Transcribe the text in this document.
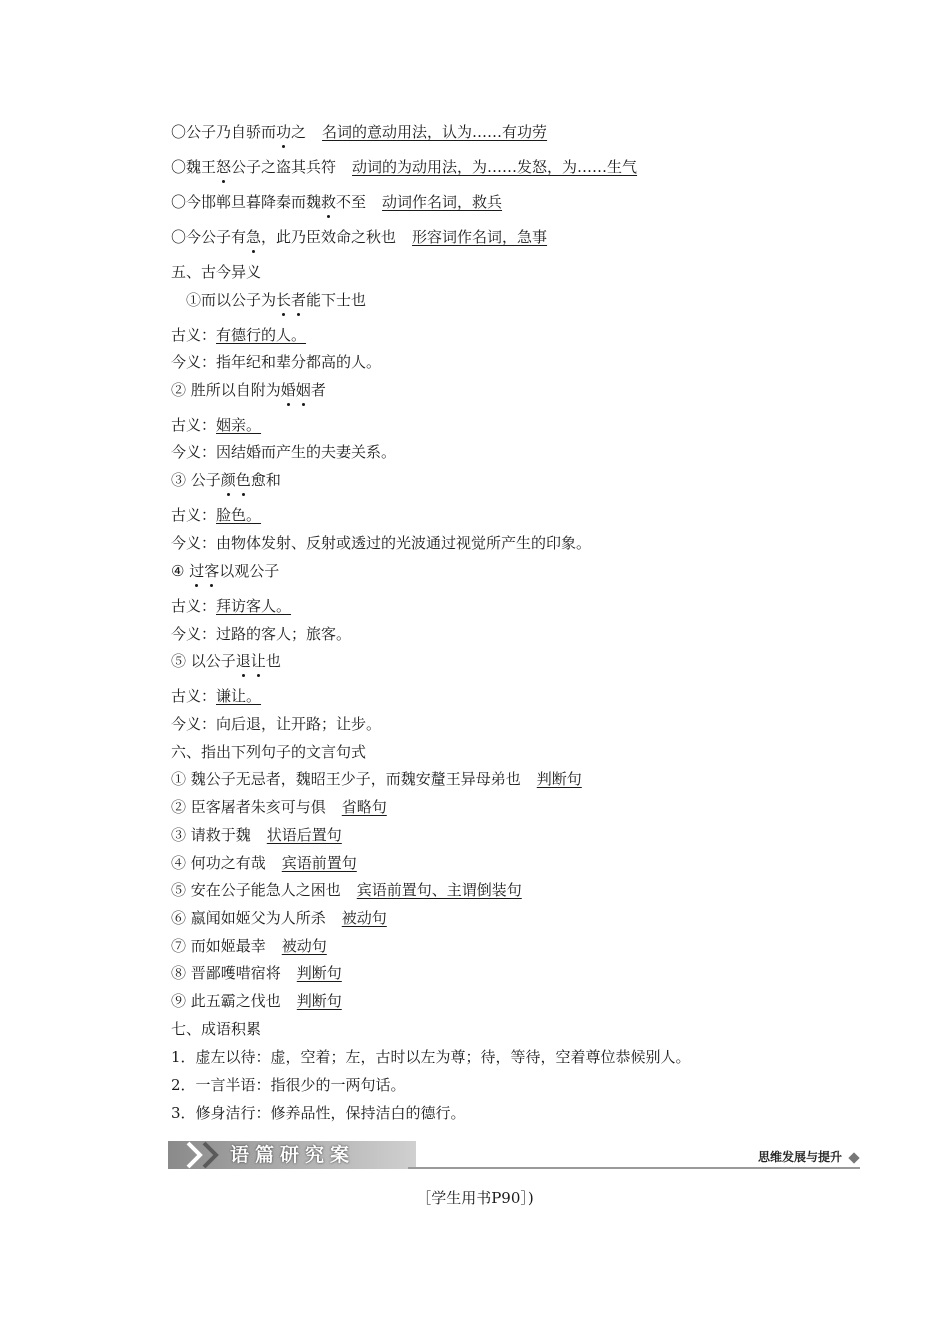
〇公子乃自骄而功之 名词的意动用法，认为……有功劳
〇魏王怒公子之盗其兵符 动词的为动用法，为……发怒，为……生气
〇今邯郸旦暮降秦而魏救不至 动词作名词，救兵
〇今公子有急，此乃臣效命之秋也 形容词作名词，急事
五、古今异义
①而以公子为长者能下士也
古义：有德行的人。
今义：指年纪和辈分都高的人。
② 胜所以自附为婚姻者
古义：姻亲。
今义：因结婚而产生的夫妻关系。
③ 公子颜色愈和
古义：脸色。
今义：由物体发射、反射或透过的光波通过视觉所产生的印象。
④ 过客以观公子
古义：拜访客人。
今义：过路的客人；旅客。
⑤ 以公子退让也
古义：谦让。
今义：向后退，让开路；让步。
六、指出下列句子的文言句式
① 魏公子无忌者，魏昭王少子，而魏安釐王异母弟也 判断句
② 臣客屠者朱亥可与俱 省略句
③ 请救于魏 状语后置句
④ 何功之有哉 宾语前置句
⑤ 安在公子能急人之困也 宾语前置句、主谓倒装句
⑥ 嬴闻如姬父为人所杀 被动句
⑦ 而如姬最幸 被动句
⑧ 晋鄙嚄唶宿将 判断句
⑨ 此五霸之伐也 判断句
七、成语积累
1．虚左以待：虚，空着；左，古时以左为尊；待，等待，空着尊位恭候别人。
2．一言半语：指很少的一两句话。
3．修身洁行：修养品性，保持洁白的德行。
语篇研究案	思维发展与提升
［学生用书P90］)
